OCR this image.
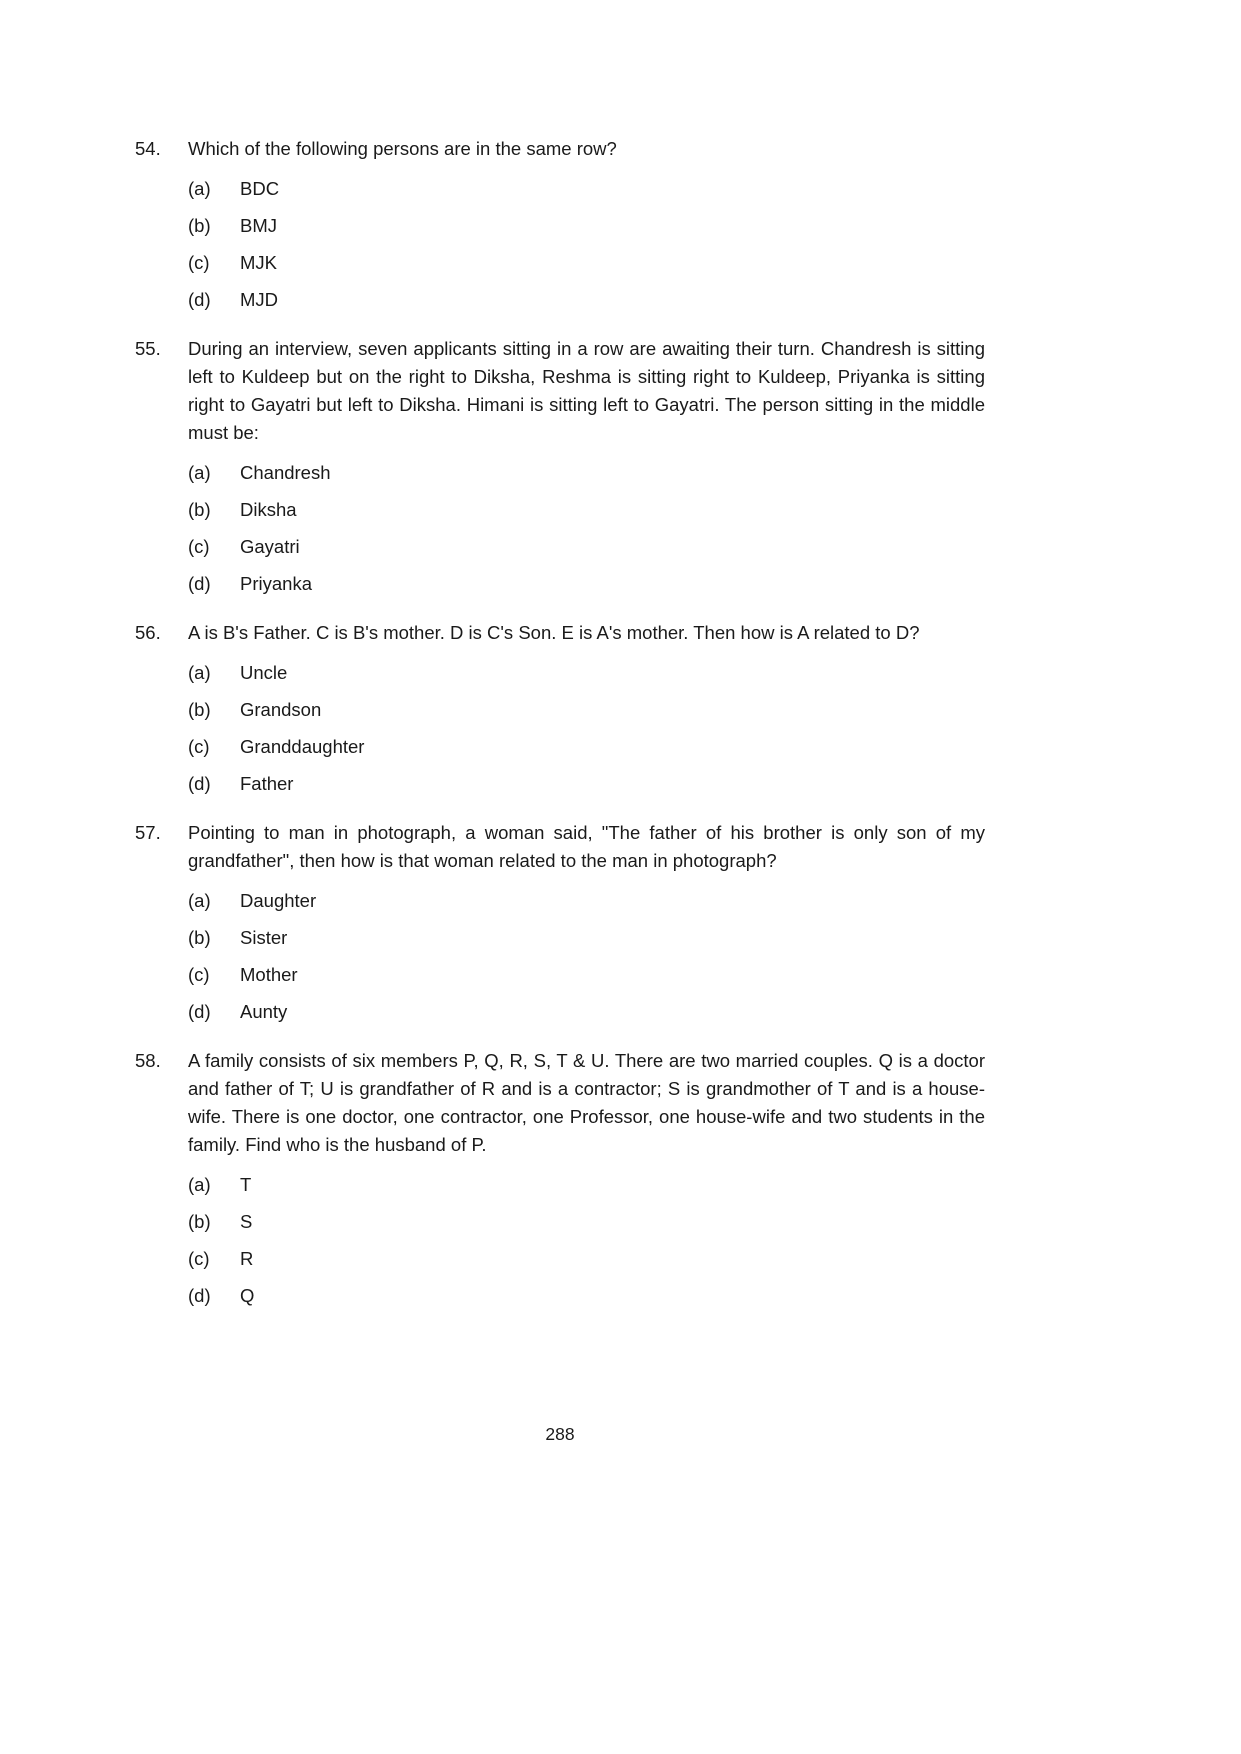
54.	Which of the following persons are in the same row?
(a)	BDC
(b)	BMJ
(c)	MJK
(d)	MJD
55.	During an interview, seven applicants sitting in a row are awaiting their turn. Chandresh is sitting left to Kuldeep but on the right to Diksha, Reshma is sitting right to Kuldeep, Priyanka is sitting right to Gayatri but left to Diksha. Himani is sitting left to Gayatri. The person sitting in the middle must be:
(a)	Chandresh
(b)	Diksha
(c)	Gayatri
(d)	Priyanka
56.	A is B's Father. C is B's mother. D is C's Son. E is A's mother. Then how is A related to D?
(a)	Uncle
(b)	Grandson
(c)	Granddaughter
(d)	Father
57.	Pointing to man in photograph, a woman said, "The father of his brother is only son of my grandfather", then how is that woman related to the man in photograph?
(a)	Daughter
(b)	Sister
(c)	Mother
(d)	Aunty
58.	A family consists of six members P, Q, R, S, T & U. There are two married couples. Q is a doctor and father of T; U is grandfather of R and is a contractor; S is grandmother of T and is a house-wife. There is one doctor, one contractor, one Professor, one house-wife and two students in the family. Find who is the husband of P.
(a)	T
(b)	S
(c)	R
(d)	Q
288
